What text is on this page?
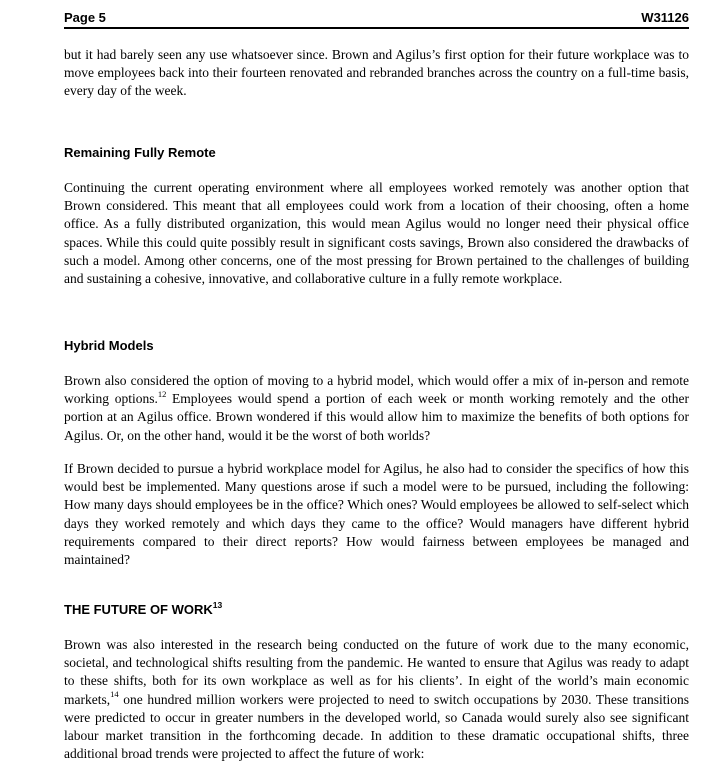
Page 5	W31126

but it had barely seen any use whatsoever since. Brown and Agilus’s first option for their future workplace was to move employees back into their fourteen renovated and rebranded branches across the country on a full-time basis, every day of the week.

Remaining Fully Remote

Continuing the current operating environment where all employees worked remotely was another option that Brown considered. This meant that all employees could work from a location of their choosing, often a home office. As a fully distributed organization, this would mean Agilus would no longer need their physical office spaces. While this could quite possibly result in significant costs savings, Brown also considered the drawbacks of such a model. Among other concerns, one of the most pressing for Brown pertained to the challenges of building and sustaining a cohesive, innovative, and collaborative culture in a fully remote workplace.

Hybrid Models

Brown also considered the option of moving to a hybrid model, which would offer a mix of in-person and remote working options.$^{12}$ Employees would spend a portion of each week or month working remotely and the other portion at an Agilus office. Brown wondered if this would allow him to maximize the benefits of both options for Agilus. Or, on the other hand, would it be the worst of both worlds?

If Brown decided to pursue a hybrid workplace model for Agilus, he also had to consider the specifics of how this would best be implemented. Many questions arose if such a model were to be pursued, including the following: How many days should employees be in the office? Which ones? Would employees be allowed to self-select which days they worked remotely and which days they came to the office? Would managers have different hybrid requirements compared to their direct reports? How would fairness between employees be managed and maintained?

THE FUTURE OF WORK$^{13}$

Brown was also interested in the research being conducted on the future of work due to the many economic, societal, and technological shifts resulting from the pandemic. He wanted to ensure that Agilus was ready to adapt to these shifts, both for its own workplace as well as for his clients’. In eight of the world’s main economic markets,$^{14}$ one hundred million workers were projected to need to switch occupations by 2030. These transitions were predicted to occur in greater numbers in the developed world, so Canada would surely also see significant labour market transition in the forthcoming decade. In addition to these dramatic occupational shifts, three additional broad trends were projected to affect the future of work:
